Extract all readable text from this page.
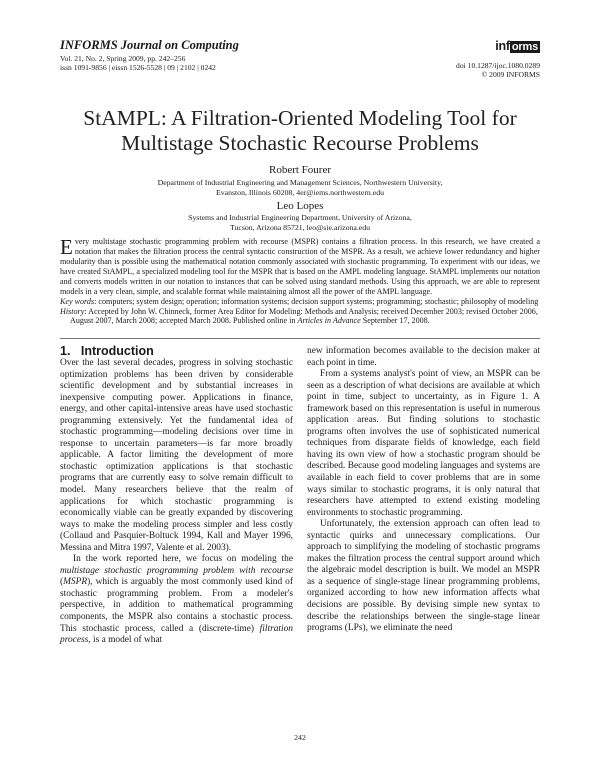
INFORMS Journal on Computing
Vol. 21, No. 2, Spring 2009, pp. 242–256
issn 1091-9856 | eissn 1526-5528 | 09 | 2102 | 0242
inf orms
doi 10.1287/ijoc.1080.0289
© 2009 INFORMS
StAMPL: A Filtration-Oriented Modeling Tool for
Multistage Stochastic Recourse Problems
Robert Fourer
Department of Industrial Engineering and Management Sciences, Northwestern University,
Evanston, Illinois 60208, 4er@iems.northwestern.edu
Leo Lopes
Systems and Industrial Engineering Department, University of Arizona,
Tucson, Arizona 85721, leo@sie.arizona.edu
Every multistage stochastic programming problem with recourse (MSPR) contains a filtration process. In this research, we have created a notation that makes the filtration process the central syntactic construction of the MSPR. As a result, we achieve lower redundancy and higher modularity than is possible using the mathematical notation commonly associated with stochastic programming. To experiment with our ideas, we have created StAMPL, a specialized modeling tool for the MSPR that is based on the AMPL modeling language. StAMPL implements our notation and converts models written in our notation to instances that can be solved using standard methods. Using this approach, we are able to represent models in a very clean, simple, and scalable format while maintaining almost all the power of the AMPL language.

Key words: computers; system design; operation; information systems; decision support systems; programming; stochastic; philosophy of modeling

History: Accepted by John W. Chinneck, former Area Editor for Modeling: Methods and Analysis; received December 2003; revised October 2006, August 2007, March 2008; accepted March 2008. Published online in Articles in Advance September 17, 2008.

1. Introduction

Over the last several decades, progress in solving stochastic optimization problems has been driven by considerable scientific development and by substantial increases in inexpensive computing power. Applications in finance, energy, and other capital-intensive areas have used stochastic programming extensively. Yet the fundamental idea of stochastic programming—modeling decisions over time in response to uncertain parameters—is far more broadly applicable. A factor limiting the development of more stochastic optimization applications is that stochastic programs that are currently easy to solve remain difficult to model. Many researchers believe that the realm of applications for which stochastic programming is economically viable can be greatly expanded by discovering ways to make the modeling process simpler and less costly (Collaud and Pasquier-Boltuck 1994, Kall and Mayer 1996, Messina and Mitra 1997, Valente et al. 2003).

In the work reported here, we focus on modeling the multistage stochastic programming problem with recourse (MSPR), which is arguably the most commonly used kind of stochastic programming problem. From a modeler's perspective, in addition to mathematical programming components, the MSPR also contains a stochastic process. This stochastic process, called a (discrete-time) filtration process, is a model of what

new information becomes available to the decision maker at each point in time.

From a systems analyst's point of view, an MSPR can be seen as a description of what decisions are available at which point in time, subject to uncertainty, as in Figure 1. A framework based on this representation is useful in numerous application areas. But finding solutions to stochastic programs often involves the use of sophisticated numerical techniques from disparate fields of knowledge, each field having its own view of how a stochastic program should be described. Because good modeling languages and systems are available in each field to cover problems that are in some ways similar to stochastic programs, it is only natural that researchers have attempted to extend existing modeling environments to stochastic programming.

Unfortunately, the extension approach can often lead to syntactic quirks and unnecessary complications. Our approach to simplifying the modeling of stochastic programs makes the filtration process the central support around which the algebraic model description is built. We model an MSPR as a sequence of single-stage linear programming problems, organized according to how new information affects what decisions are possible. By devising simple new syntax to describe the relationships between the single-stage linear programs (LPs), we eliminate the need

242
